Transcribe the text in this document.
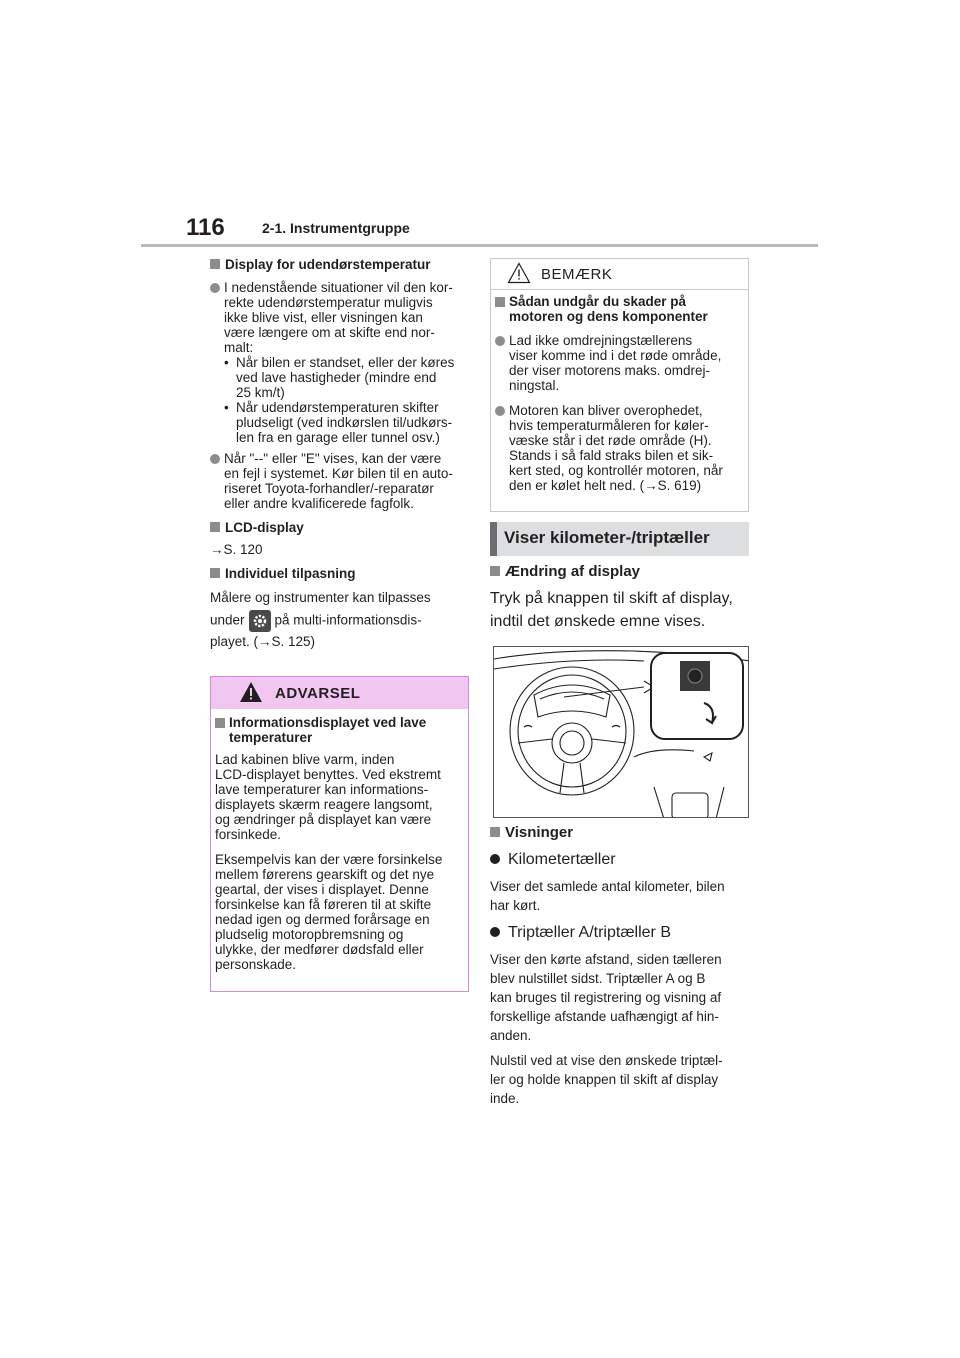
116	2-1. Instrumentgruppe
Display for udendørstemperatur
I nedenstående situationer vil den kor-
rekte udendørstemperatur muligvis
ikke blive vist, eller visningen kan
være længere om at skifte end nor-
malt:
• Når bilen er standset, eller der køres
ved lave hastigheder (mindre end
25 km/t)
• Når udendørstemperaturen skifter
pludseligt (ved indkørslen til/udkørs-
len fra en garage eller tunnel osv.)
Når "--" eller "E" vises, kan der være
en fejl i systemet. Kør bilen til en auto-
riseret Toyota-forhandler/-reparatør
eller andre kvalificerede fagfolk.
LCD-display
→S. 120
Individuel tilpasning
Målere og instrumenter kan tilpasses
under på multi-informationsdis-
playet. (→S. 125)
ADVARSEL
Informationsdisplayet ved lave
temperaturer
Lad kabinen blive varm, inden
LCD-displayet benyttes. Ved ekstremt
lave temperaturer kan informations-
displayets skærm reagere langsomt,
og ændringer på displayet kan være
forsinkede.
Eksempelvis kan der være forsinkelse
mellem førerens gearskift og det nye
geartal, der vises i displayet. Denne
forsinkelse kan få føreren til at skifte
nedad igen og dermed forårsage en
pludselig motoropbremsning og
ulykke, der medfører dødsfald eller
personskade.
BEMÆRK
Sådan undgår du skader på
motoren og dens komponenter
Lad ikke omdrejningstællerens
viser komme ind i det røde område,
der viser motorens maks. omdrej-
ningstal.
Motoren kan bliver overophedet,
hvis temperaturmåleren for køler-
væske står i det røde område (H).
Stands i så fald straks bilen et sik-
kert sted, og kontrollér motoren, når
den er kølet helt ned. (→S. 619)
Viser kilometer-/triptæller
Ændring af display
Tryk på knappen til skift af display,
indtil det ønskede emne vises.
Visninger
Kilometertæller
Viser det samlede antal kilometer, bilen
har kørt.
Triptæller A/triptæller B
Viser den kørte afstand, siden tælleren
blev nulstillet sidst. Triptæller A og B
kan bruges til registrering og visning af
forskellige afstande uafhængigt af hin-
anden.
Nulstil ved at vise den ønskede triptæl-
ler og holde knappen til skift af display
inde.
